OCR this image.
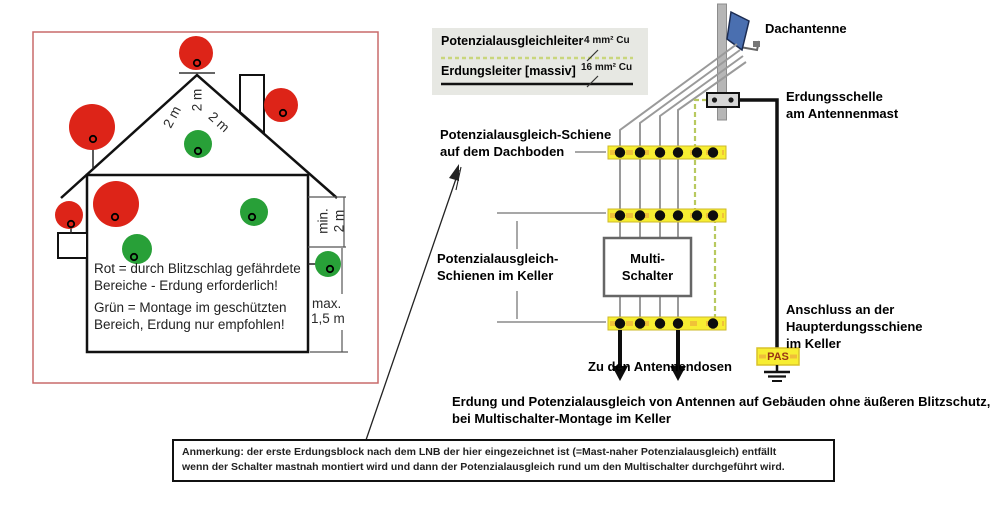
Potenzialausgleichleiter 4 mm² Cu
Erdungsleiter [massiv] 16 mm² Cu
Dachantenne
Erdungsschelle
am Antennenmast
Potenzialausgleich-Schiene
auf dem Dachboden
Potenzialausgleich-
Schienen im Keller
Multi-
Schalter
Zu den Antennendosen
Anschluss an der
Haupterdungsschiene
im Keller
PAS
Erdung und Potenzialausgleich von Antennen auf Gebäuden ohne äußeren Blitzschutz,
bei Multischalter-Montage im Keller
Anmerkung: der erste Erdungsblock nach dem LNB der hier eingezeichnet ist (=Mast-naher Potenzialausgleich) entfällt
wenn der Schalter mastnah montiert wird und dann der Potenzialausgleich rund um den Multischalter durchgeführt wird.
Rot = durch Blitzschlag gefährdete
Bereiche - Erdung erforderlich!
Grün = Montage im geschützten
Bereich, Erdung nur empfohlen!
2 m
2 m 2 m
min. 2 m
max.
1,5 m
